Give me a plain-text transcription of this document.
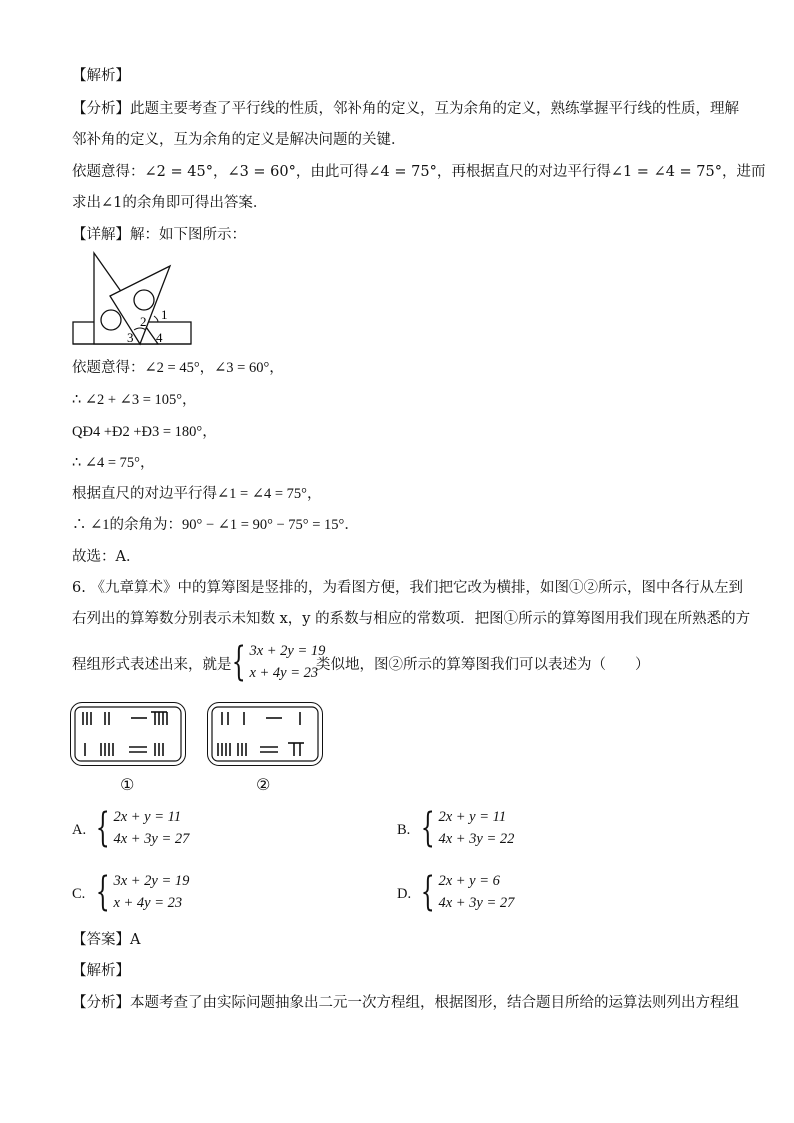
【解析】
【分析】此题主要考查了平行线的性质，邻补角的定义，互为余角的定义，熟练掌握平行线的性质，理解
邻补角的定义，互为余角的定义是解决问题的关键．
依题意得：∠2 = 45°，∠3 = 60°，由此可得∠4 = 75°，再根据直尺的对边平行得∠1 = ∠4 = 75°，进而
求出∠1的余角即可得出答案．
【详解】解：如下图所示：
1
2
3 4
依题意得：∠2 = 45°，∠3 = 60°，
∴ ∠2 + ∠3 = 105°，
QÐ4 +Ð2 +Ð3 = 180°，
∴ ∠4 = 75°，
根据直尺的对边平行得∠1 = ∠4 = 75°，
∴ ∠1的余角为：90° − ∠1 = 90° − 75° = 15°．
故选：A．
6. 《九章算术》中的算筹图是竖排的，为看图方便，我们把它改为横排，如图①②所示，图中各行从左到
右列出的算筹数分别表示未知数 x，y 的系数与相应的常数项．把图①所示的算筹图用我们现在所熟悉的方
程组形式表述出来，就是 { 3x + 2y = 19
x + 4y = 23
类似地，图②所示的算筹图我们可以表述为（　　）
①	②
A. { 2x + y = 11
4x + 3y = 27
B. { 2x + y = 11
4x + 3y = 22
C. { 3x + 2y = 19
x + 4y = 23
D. { 2x + y = 6
4x + 3y = 27
【答案】A
【解析】
【分析】本题考查了由实际问题抽象出二元一次方程组，根据图形，结合题目所给的运算法则列出方程组
